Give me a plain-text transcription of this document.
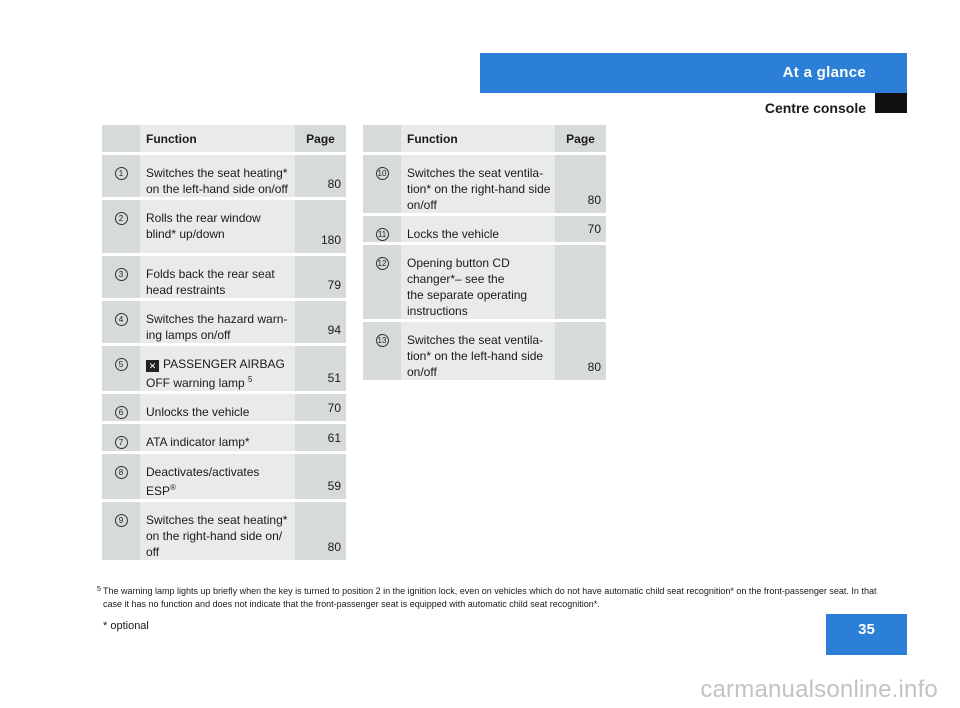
At a glance
Centre console
	Function	Page
1	Switches the seat heating*
on the left-hand side on/off	80
2	Rolls the rear window
blind* up/down	180
3	Folds back the rear seat
head restraints	79
4	Switches the hazard warn-
ing lamps on/off	94
5	✕ PASSENGER AIRBAG
OFF warning lamp $^5$	51
6	Unlocks the vehicle	70
7	ATA indicator lamp*	61
8	Deactivates/activates
ESP®	59
9	Switches the seat heating*
on the right-hand side on/
off	80
	Function	Page
10	Switches the seat ventila-
tion* on the right-hand side
on/off	80
11	Locks the vehicle	70
12	Opening button CD
changer*– see the
the separate operating
instructions	

13	Switches the seat ventila-
tion* on the left-hand side
on/off	80
5 The warning lamp lights up briefly when the key is turned to position 2 in the ignition lock, even on vehicles which do not have automatic child seat recognition* on the front-passenger seat. In that case it has no function and does not indicate that the front-passenger seat is equipped with automatic child seat recognition*.
* optional	35
carmanualsonline.info
